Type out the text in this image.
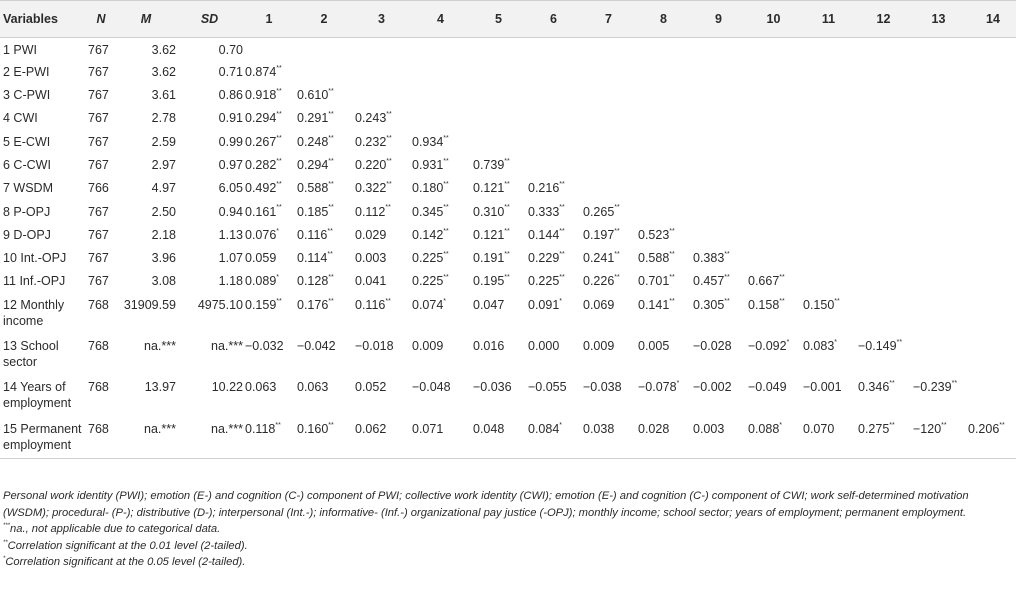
Variables	N	M	SD	1	2	3	4	5	6	7	8	9	10	11	12	13	14
1 PWI	767	3.62	0.70														
2 E-PWI	767	3.62	0.71	0.874**													
3 C-PWI	767	3.61	0.86	0.918**	0.610**												
4 CWI	767	2.78	0.91	0.294**	0.291**	0.243**											
5 E-CWI	767	2.59	0.99	0.267**	0.248**	0.232**	0.934**										
6 C-CWI	767	2.97	0.97	0.282**	0.294**	0.220**	0.931**	0.739**									
7 WSDM	766	4.97	6.05	0.492**	0.588**	0.322**	0.180**	0.121**	0.216**								
8 P-OPJ	767	2.50	0.94	0.161**	0.185**	0.112**	0.345**	0.310**	0.333**	0.265**							
9 D-OPJ	767	2.18	1.13	0.076*	0.116**	0.029	0.142**	0.121**	0.144**	0.197**	0.523**						
10 Int.-OPJ	767	3.96	1.07	0.059	0.114**	0.003	0.225**	0.191**	0.229**	0.241**	0.588**	0.383**					
11 Inf.-OPJ	767	3.08	1.18	0.089*	0.128**	0.041	0.225**	0.195**	0.225**	0.226**	0.701**	0.457**	0.667**				
12 Monthly income	768	31909.59	4975.10	0.159**	0.176**	0.116**	0.074*	0.047	0.091*	0.069	0.141**	0.305**	0.158**	0.150**			
13 School sector	768	na.***	na.***	−0.032	−0.042	−0.018	0.009	0.016	0.000	0.009	0.005	−0.028	−0.092*	0.083*	−0.149**		
14 Years of employment	768	13.97	10.22	0.063	0.063	0.052	−0.048	−0.036	−0.055	−0.038	−0.078*	−0.002	−0.049	−0.001	0.346**	−0.239**	
15 Permanent employment	768	na.***	na.***	0.118**	0.160**	0.062	0.071	0.048	0.084*	0.038	0.028	0.003	0.088*	0.070	0.275**	−120**	0.206**

Personal work identity (PWI); emotion (E-) and cognition (C-) component of PWI; collective work identity (CWI); emotion (E-) and cognition (C-) component of CWI; work self-determined motivation (WSDM); procedural- (P-); distributive (D-); interpersonal (Int.-); informative- (Inf.-) organizational pay justice (-OPJ); monthly income; school sector; years of employment; permanent employment.

***na., not applicable due to categorical data.

**Correlation significant at the 0.01 level (2-tailed).

*Correlation significant at the 0.05 level (2-tailed).
